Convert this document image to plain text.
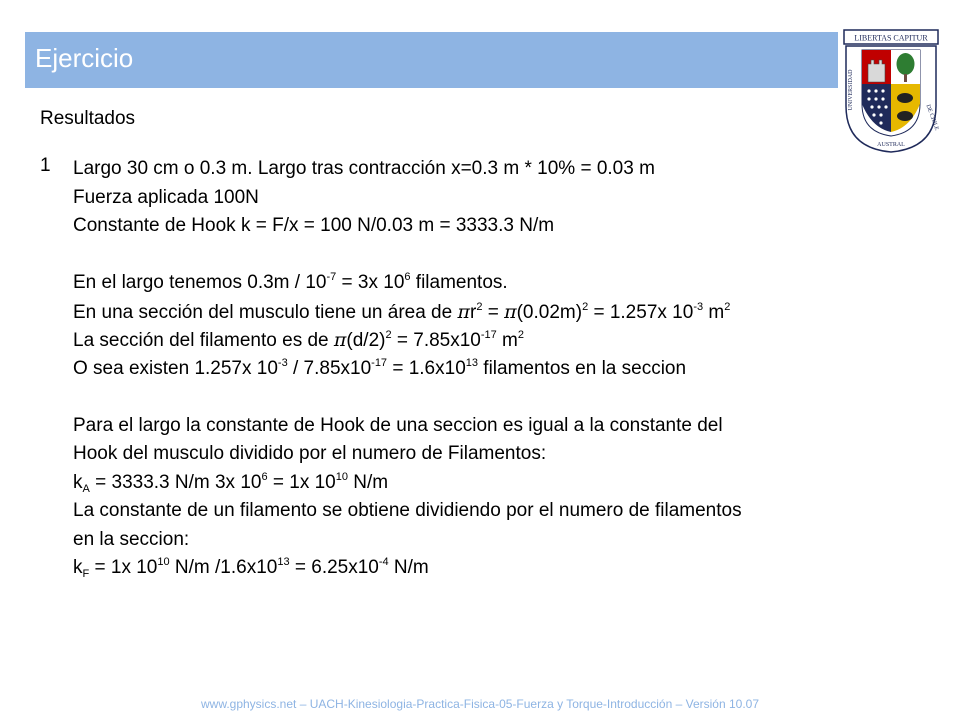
Ejercicio
LIBERTAS CAPITUR
UNIVERSIDAD
AUSTRAL
DE CHILE
Resultados
1 Largo 30 cm o 0.3 m. Largo tras contracción x=0.3 m * 10% = 0.03 m
Fuerza aplicada 100N
Constante de Hook k = F/x = 100 N/0.03 m = 3333.3 N/m
En el largo tenemos $0.3m / 10^{-7} = 3x$ $10^6$ filamentos.
En una sección del musculo tiene un área de $\pi r^2 = \pi(0.02m)^2 = 1.257x$ $10^{-3}$ $m^2$
La sección del filamento es de $\pi(d/2)^2 = 7.85x10^{-17}$ $m^2$
O sea existen 1.257x $10^{-3} / 7.85x10^{-17} = 1.6x10^{13}$ filamentos en la seccion
Para el largo la constante de Hook de una seccion es igual a la constante del
Hook del musculo dividido por el numero de Filamentos:
$k_A = 3333.3$ N/m 3x $10^6 = 1x$ $10^{10}$ N/m
La constante de un filamento se obtiene dividiendo por el numero de filamentos
en la seccion:
$k_F = 1x$ $10^{10}$ N/m $/1.6x10^{13} = 6.25x10^{-4}$ N/m
www.gphysics.net – UACH-Kinesiologia-Practica-Fisica-05-Fuerza y Torque-Introducción – Versión 10.07
